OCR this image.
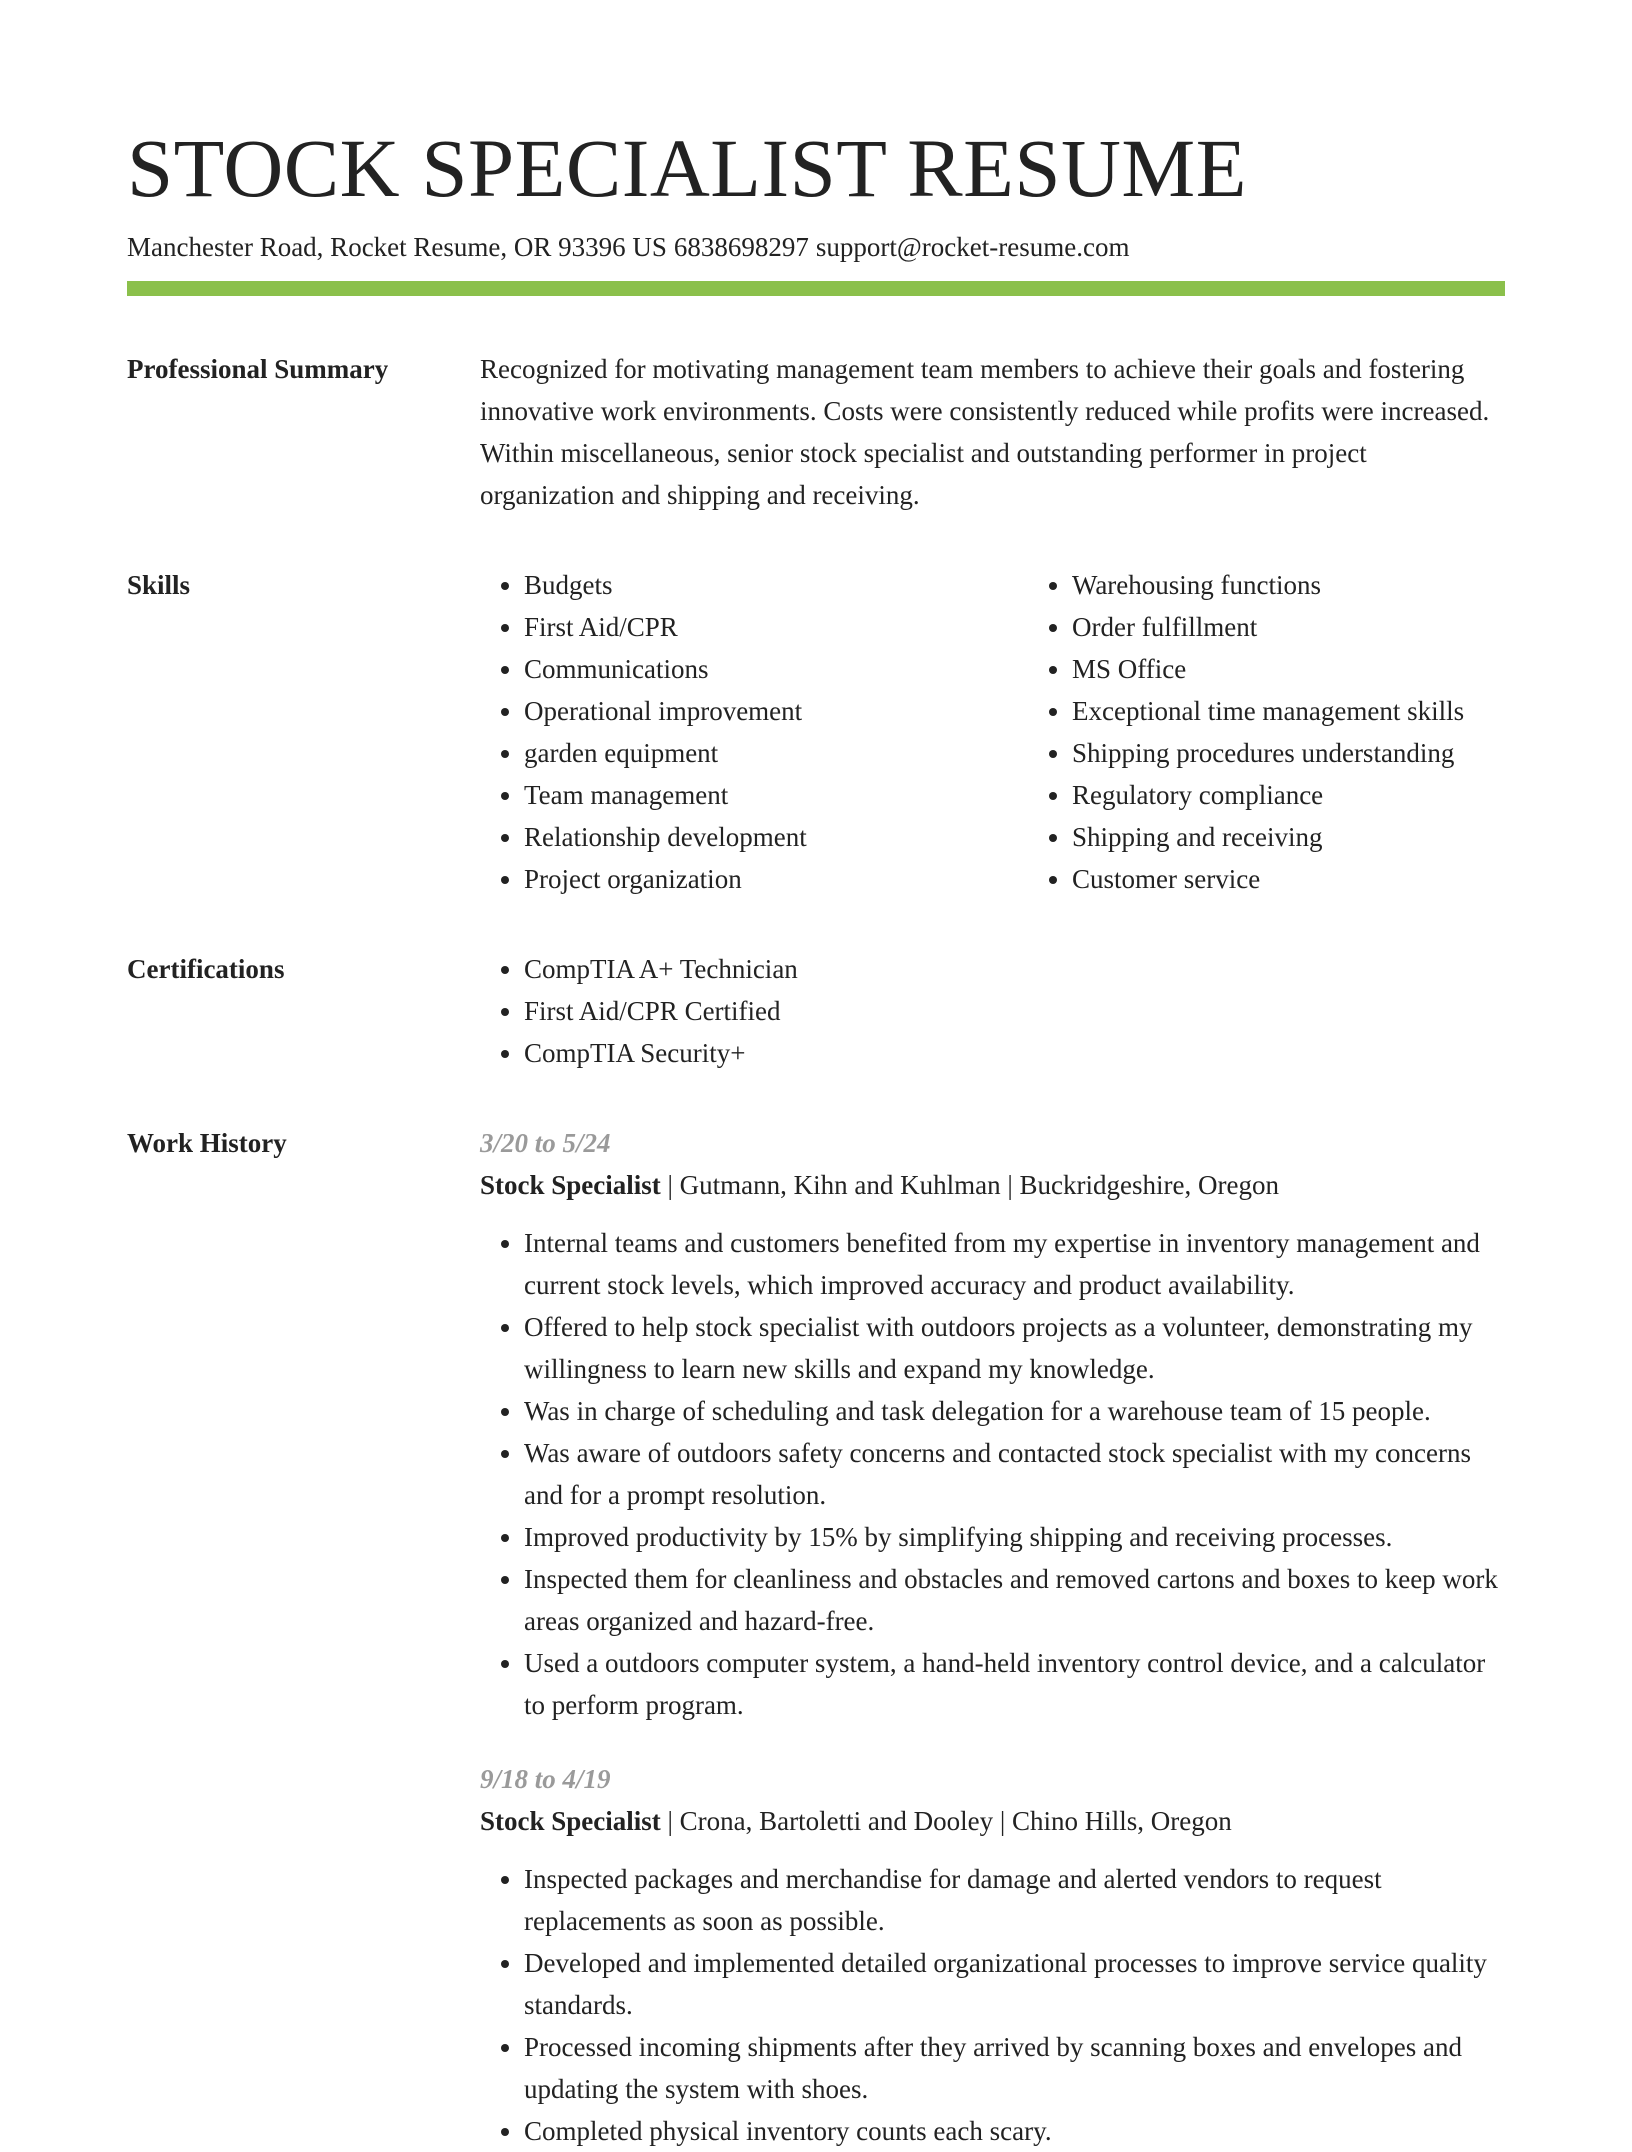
STOCK SPECIALIST RESUME
Manchester Road, Rocket Resume, OR 93396 US 6838698297 support@rocket-resume.com
Professional Summary	Recognized for motivating management team members to achieve their goals and fostering innovative work environments. Costs were consistently reduced while profits were increased. Within miscellaneous, senior stock specialist and outstanding performer in project organization and shipping and receiving.

Skills	• Budgets
• First Aid/CPR
• Communications
• Operational improvement
• garden equipment
• Team management
• Relationship development
• Project organization
• Warehousing functions
• Order fulfillment
• MS Office
• Exceptional time management skills
• Shipping procedures understanding
• Regulatory compliance
• Shipping and receiving
• Customer service
Certifications	• CompTIA A+ Technician
• First Aid/CPR Certified
• CompTIA Security+
Work History	3/20 to 5/24
Stock Specialist | Gutmann, Kihn and Kuhlman | Buckridgeshire, Oregon
• Internal teams and customers benefited from my expertise in inventory management and current stock levels, which improved accuracy and product availability.
• Offered to help stock specialist with outdoors projects as a volunteer, demonstrating my willingness to learn new skills and expand my knowledge.
• Was in charge of scheduling and task delegation for a warehouse team of 15 people.
• Was aware of outdoors safety concerns and contacted stock specialist with my concerns and for a prompt resolution.
• Improved productivity by 15% by simplifying shipping and receiving processes.
• Inspected them for cleanliness and obstacles and removed cartons and boxes to keep work areas organized and hazard-free.
• Used a outdoors computer system, a hand-held inventory control device, and a calculator to perform program.
9/18 to 4/19
Stock Specialist | Crona, Bartoletti and Dooley | Chino Hills, Oregon
• Inspected packages and merchandise for damage and alerted vendors to request replacements as soon as possible.
• Developed and implemented detailed organizational processes to improve service quality standards.
• Processed incoming shipments after they arrived by scanning boxes and envelopes and updating the system with shoes.
• Completed physical inventory counts each scary.
